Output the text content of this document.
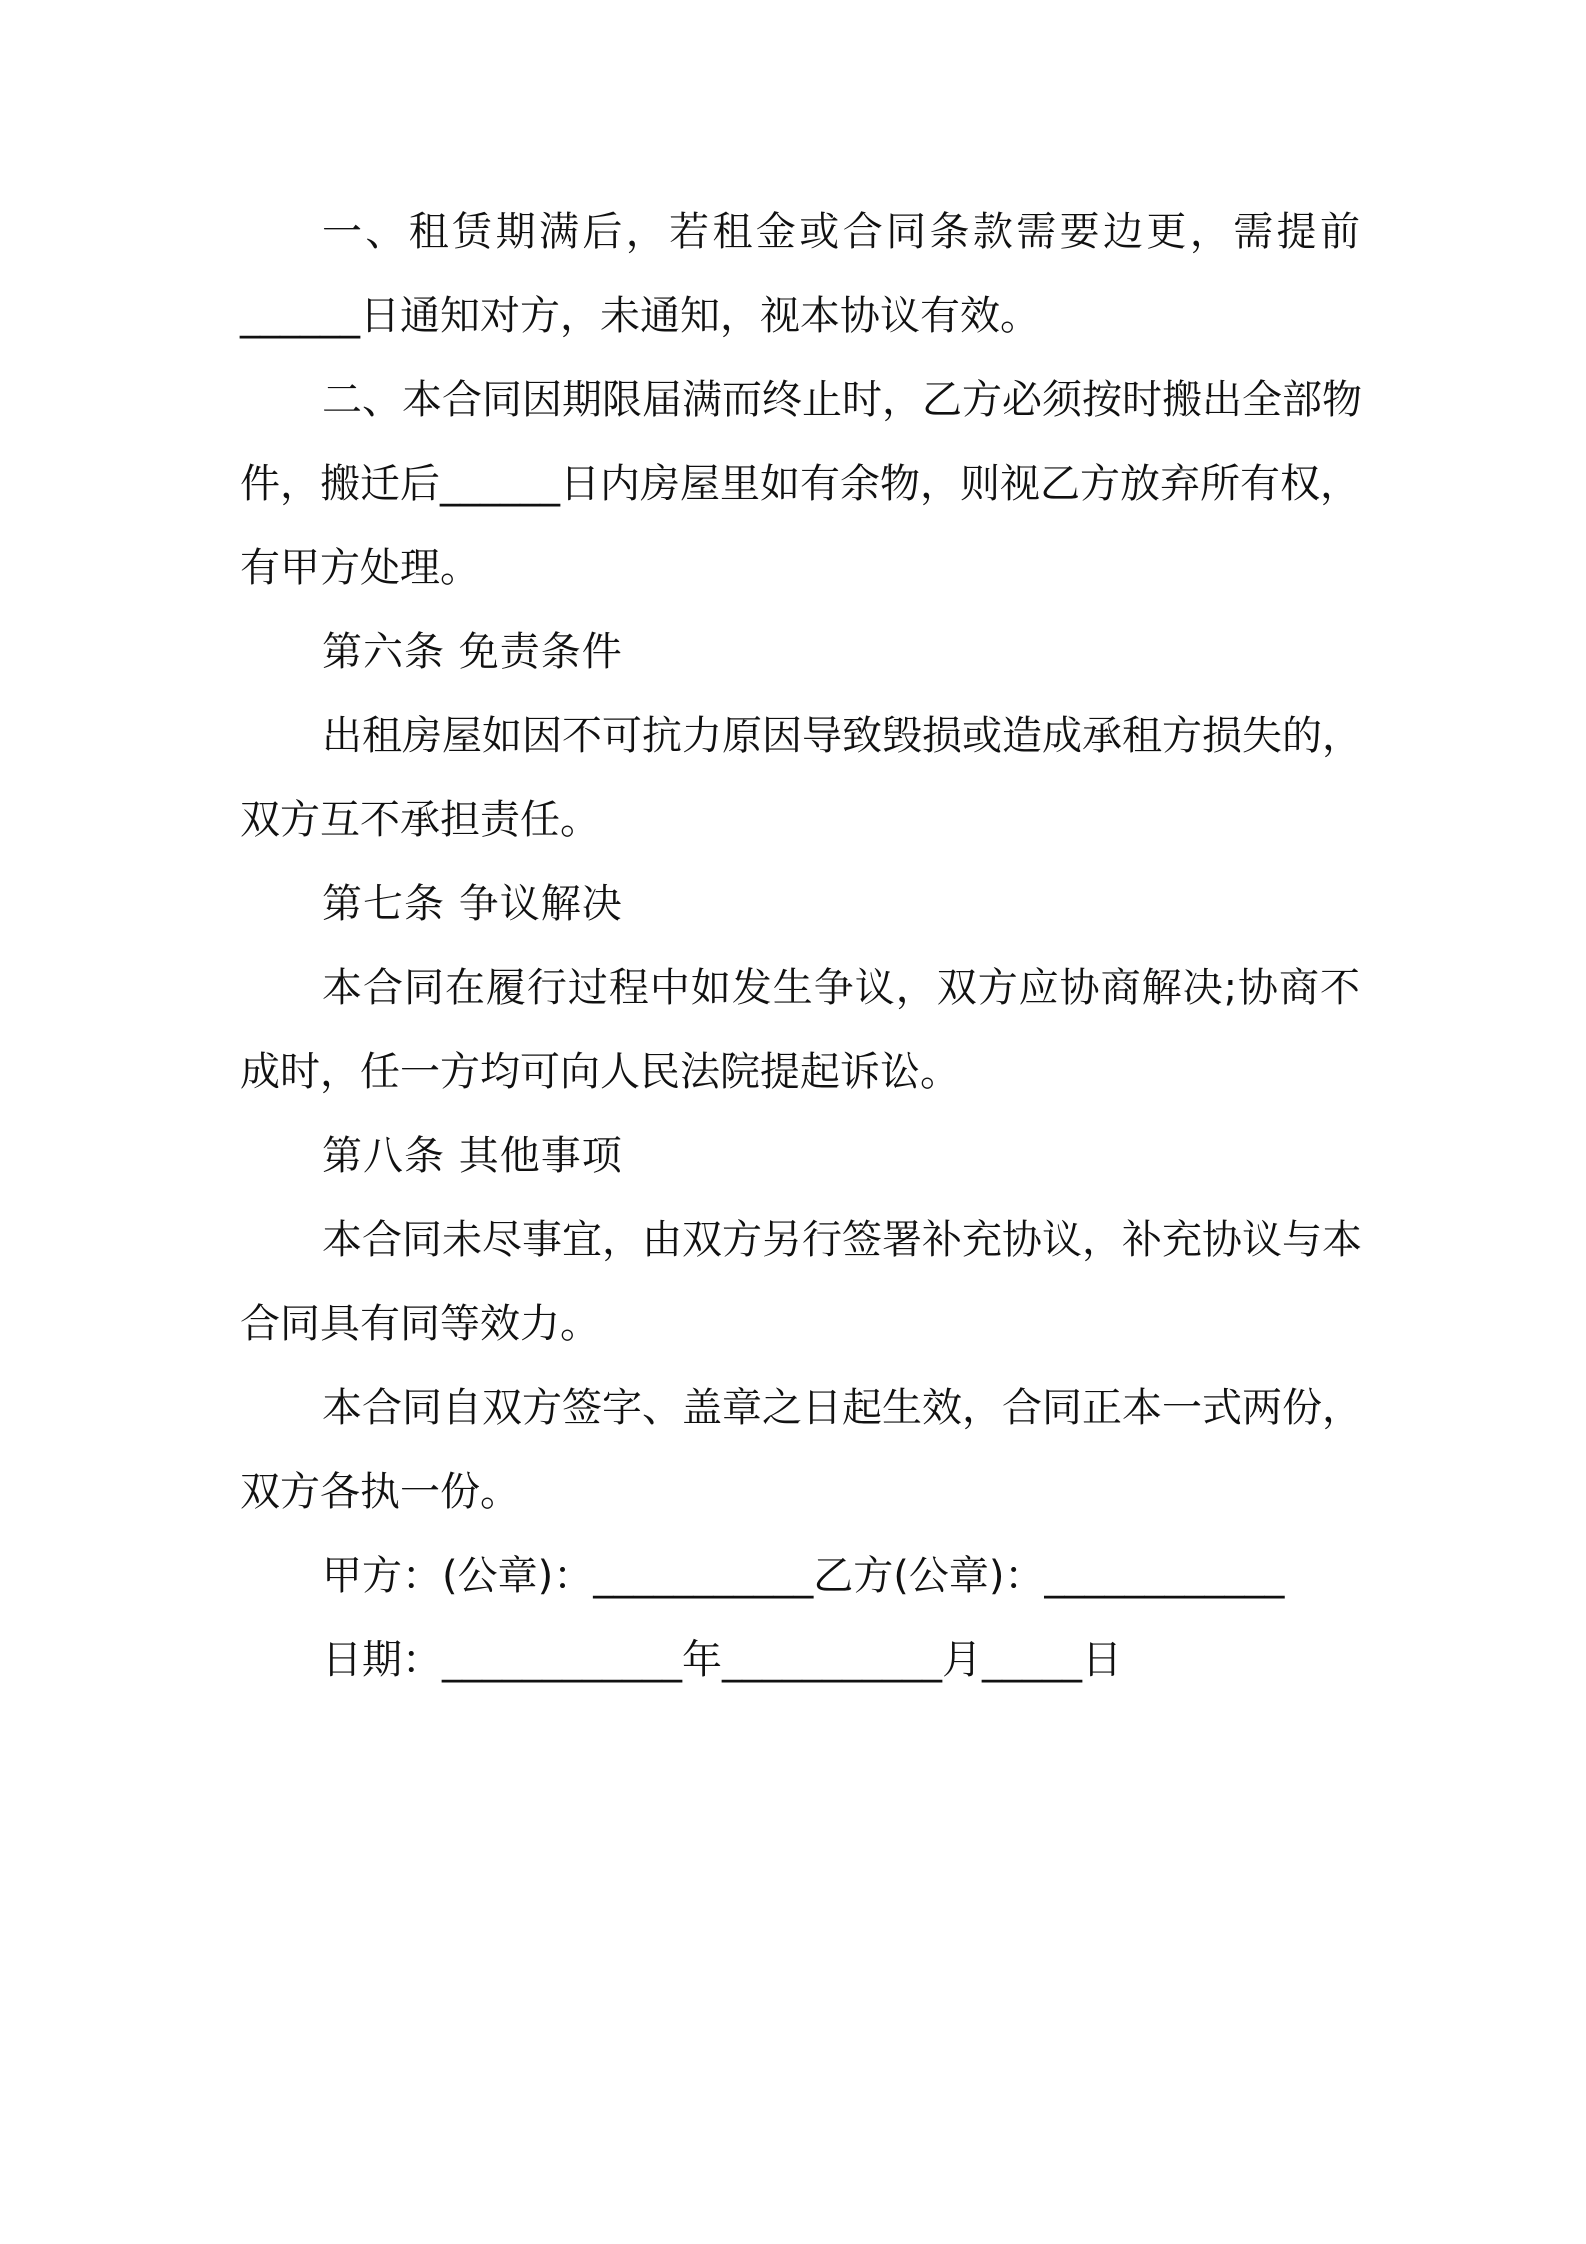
一、租赁期满后，若租金或合同条款需要边更，需提前
______日通知对方，未通知，视本协议有效。
二、本合同因期限届满而终止时，乙方必须按时搬出全部物
件，搬迁后______日内房屋里如有余物，则视乙方放弃所有权，
有甲方处理。
第六条 免责条件
出租房屋如因不可抗力原因导致毁损或造成承租方损失的，
双方互不承担责任。
第七条 争议解决
本合同在履行过程中如发生争议，双方应协商解决;协商不
成时，任一方均可向人民法院提起诉讼。
第八条 其他事项
本合同未尽事宜，由双方另行签署补充协议，补充协议与本
合同具有同等效力。
本合同自双方签字、盖章之日起生效，合同正本一式两份，
双方各执一份。
甲方：(公章)：___________乙方(公章)：____________
日期：____________年___________月_____日
